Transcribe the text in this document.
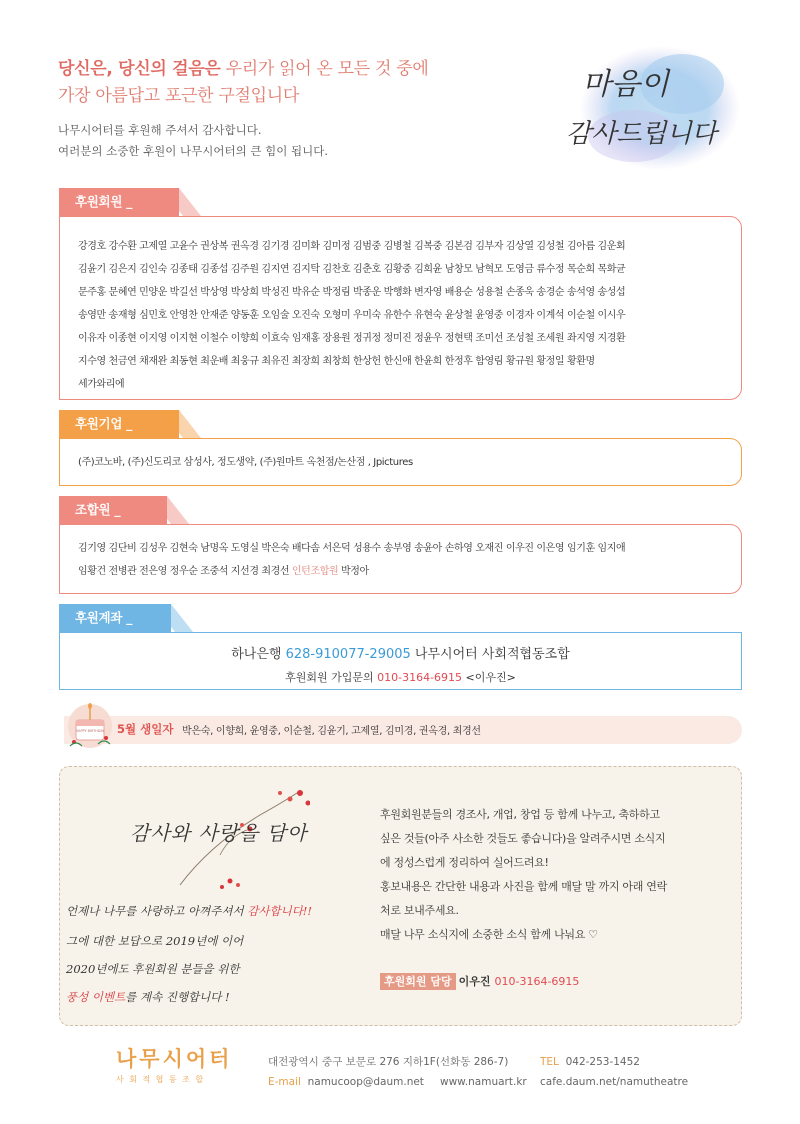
당신은, 당신의 걸음은 우리가 읽어 온 모든 것 중에
가장 아름답고 포근한 구절입니다
나무시어터를 후원해 주셔서 감사합니다.
여러분의 소중한 후원이 나무시어터의 큰 힘이 됩니다.
마음이
감사드립니다
후원회원 _
강경호 강수환 고제열 고윤수 권상복 권옥경 김기경 김미화 김미정 김범중 김병철 김복중 김본검 김부자 김상열 김성철 김아름 김운회
김윤기 김은지 김인숙 김종태 김종섭 김주원 김지연 김지탁 김찬호 김춘호 김황중 김희윤 남창모 남혁모 도영금 류수정 목순희 목화균
문주홍 문혜연 민양운 박길선 박상영 박상희 박성진 박유순 박정림 박종운 박행화 변자영 배용순 성용철 손종욱 송경순 송석영 송성섭
송영만 송재형 심민호 안영찬 안재준 양동훈 오임술 오진숙 오형미 우미숙 유한수 유현숙 윤상철 윤영중 이경자 이계석 이순철 이시우
이유자 이종현 이지영 이지현 이철수 이향희 이효숙 임재홍 장용원 정귀정 정미진 정윤우 정현택 조미선 조성철 조세원 좌지영 지경환
지수영 천금연 채재완 최동현 최운배 최웅규 최유진 최장희 최창희 한상헌 한신애 한윤희 한정후 함영림 황규원 황정일 황환명
세가와리에
후원기업 _
(주)코노바, (주)신도리코 삼성사, 정도생약, (주)원마트 옥천점/논산점 , Jpictures
조합원 _
김기영 김단비 김성우 김현숙 남명옥 도영실 박은숙 배다솜 서은덕 성용수 송부영 송윤아 손하영 오재진 이우진 이은영 임기훈 임지애
임황건 전병관 전은영 정우순 조중석 지선경 최경선 인턴조합원 박정아
후원계좌 _
하나은행 628-910077-29005 나무시어터 사회적협동조합
후원회원 가입문의 010-3164-6915 <이우진>
HAPPY BIRTHDAY 5월 생일자 박은숙, 이향희, 윤영중, 이순철, 김윤기, 고제열, 김미경, 권옥경, 최경선
감사와 사랑을 담아
언제나 나무를 사랑하고 아껴주셔서 감사합니다!!
그에 대한 보답으로 2019년에 이어
2020년에도 후원회원 분들을 위한
풍성 이벤트를 계속 진행합니다 !
후원회원분들의 경조사, 개업, 창업 등 함께 나누고, 축하하고
싶은 것들(아주 사소한 것들도 좋습니다)을 알려주시면 소식지
에 정성스럽게 정리하여 실어드려요!
홍보내용은 간단한 내용과 사진을 함께 매달 말 까지 아래 연락
처로 보내주세요.
매달 나무 소식지에 소중한 소식 함께 나눠요 ♡
후원회원 담당 이우진 010-3164-6915
나무시어터
사회적협동조합
대전광역시 중구 보문로 276 지하1F(선화동 286-7)	TEL 042-253-1452
E-mail namucoop@daum.net www.namuart.kr cafe.daum.net/namutheatre
